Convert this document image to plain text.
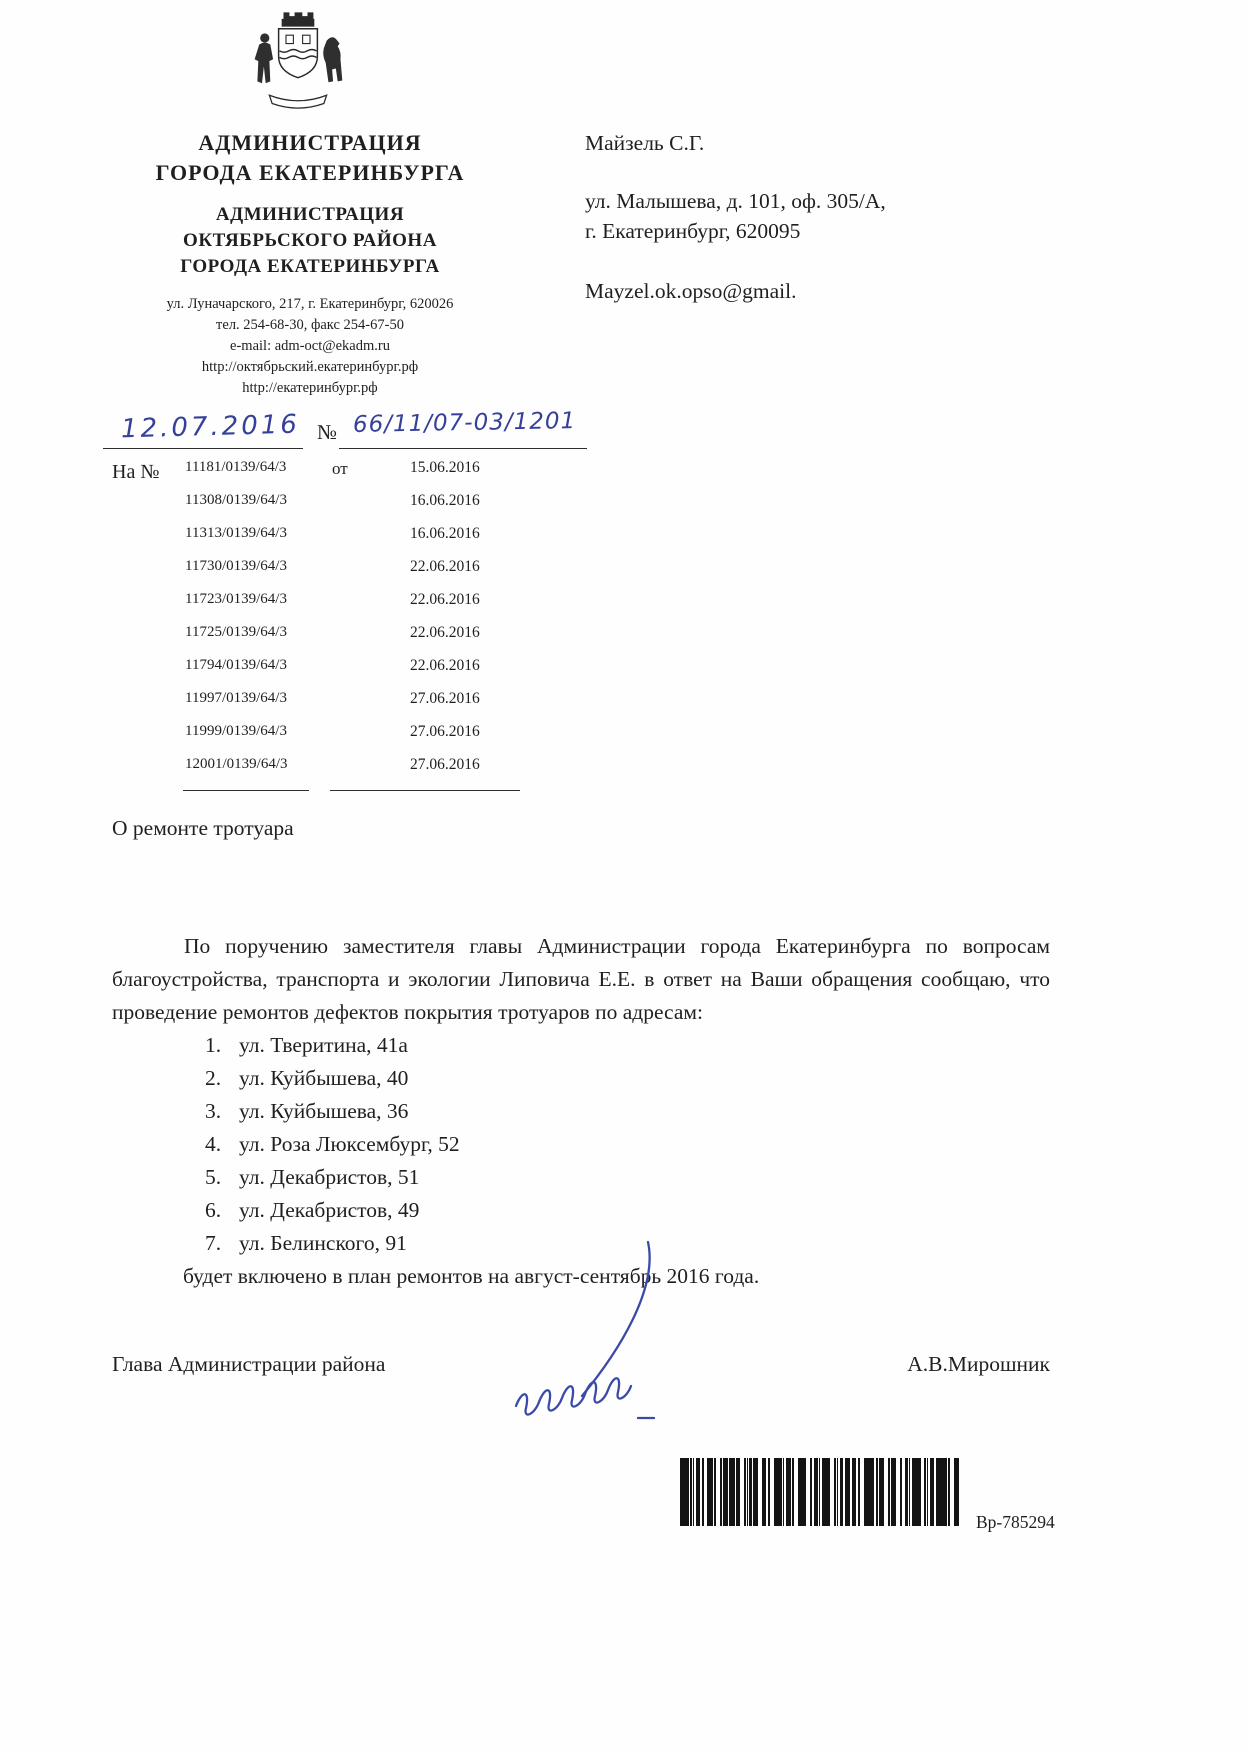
АДМИНИСТРАЦИЯ
ГОРОДА ЕКАТЕРИНБУРГА
АДМИНИСТРАЦИЯ
ОКТЯБРЬСКОГО РАЙОНА
ГОРОДА ЕКАТЕРИНБУРГА
ул. Луначарского, 217, г. Екатеринбург, 620026
тел. 254-68-30, факс 254-67-50
e-mail: adm-oct@ekadm.ru
http://октябрьский.екатеринбург.рф
http://екатеринбург.рф
Майзель С.Г.
ул. Малышева, д. 101, оф. 305/А,
г. Екатеринбург, 620095
Mayzel.ok.opso@gmail.
12.07.2016 № 66/11/07-03/1201
На № 11181/0139/64/3	от	15.06.2016
11308/0139/64/3	16.06.2016
11313/0139/64/3	16.06.2016
11730/0139/64/3	22.06.2016
11723/0139/64/3	22.06.2016
11725/0139/64/3	22.06.2016
11794/0139/64/3	22.06.2016
11997/0139/64/3	27.06.2016
11999/0139/64/3	27.06.2016
12001/0139/64/3	27.06.2016
О ремонте тротуара

По поручению заместителя главы Администрации города Екатеринбурга по вопросам благоустройства, транспорта и экологии Липовича Е.Е. в ответ на Ваши обращения сообщаю, что проведение ремонтов дефектов покрытия тротуаров по адресам:

1. ул. Тверитина, 41а
2. ул. Куйбышева, 40
3. ул. Куйбышева, 36
4. ул. Роза Люксембург, 52
5. ул. Декабристов, 51
6. ул. Декабристов, 49
7. ул. Белинского, 91
будет включено в план ремонтов на август-сентябрь 2016 года.
Глава Администрации района	А.В.Мирошник
Вр-785294
